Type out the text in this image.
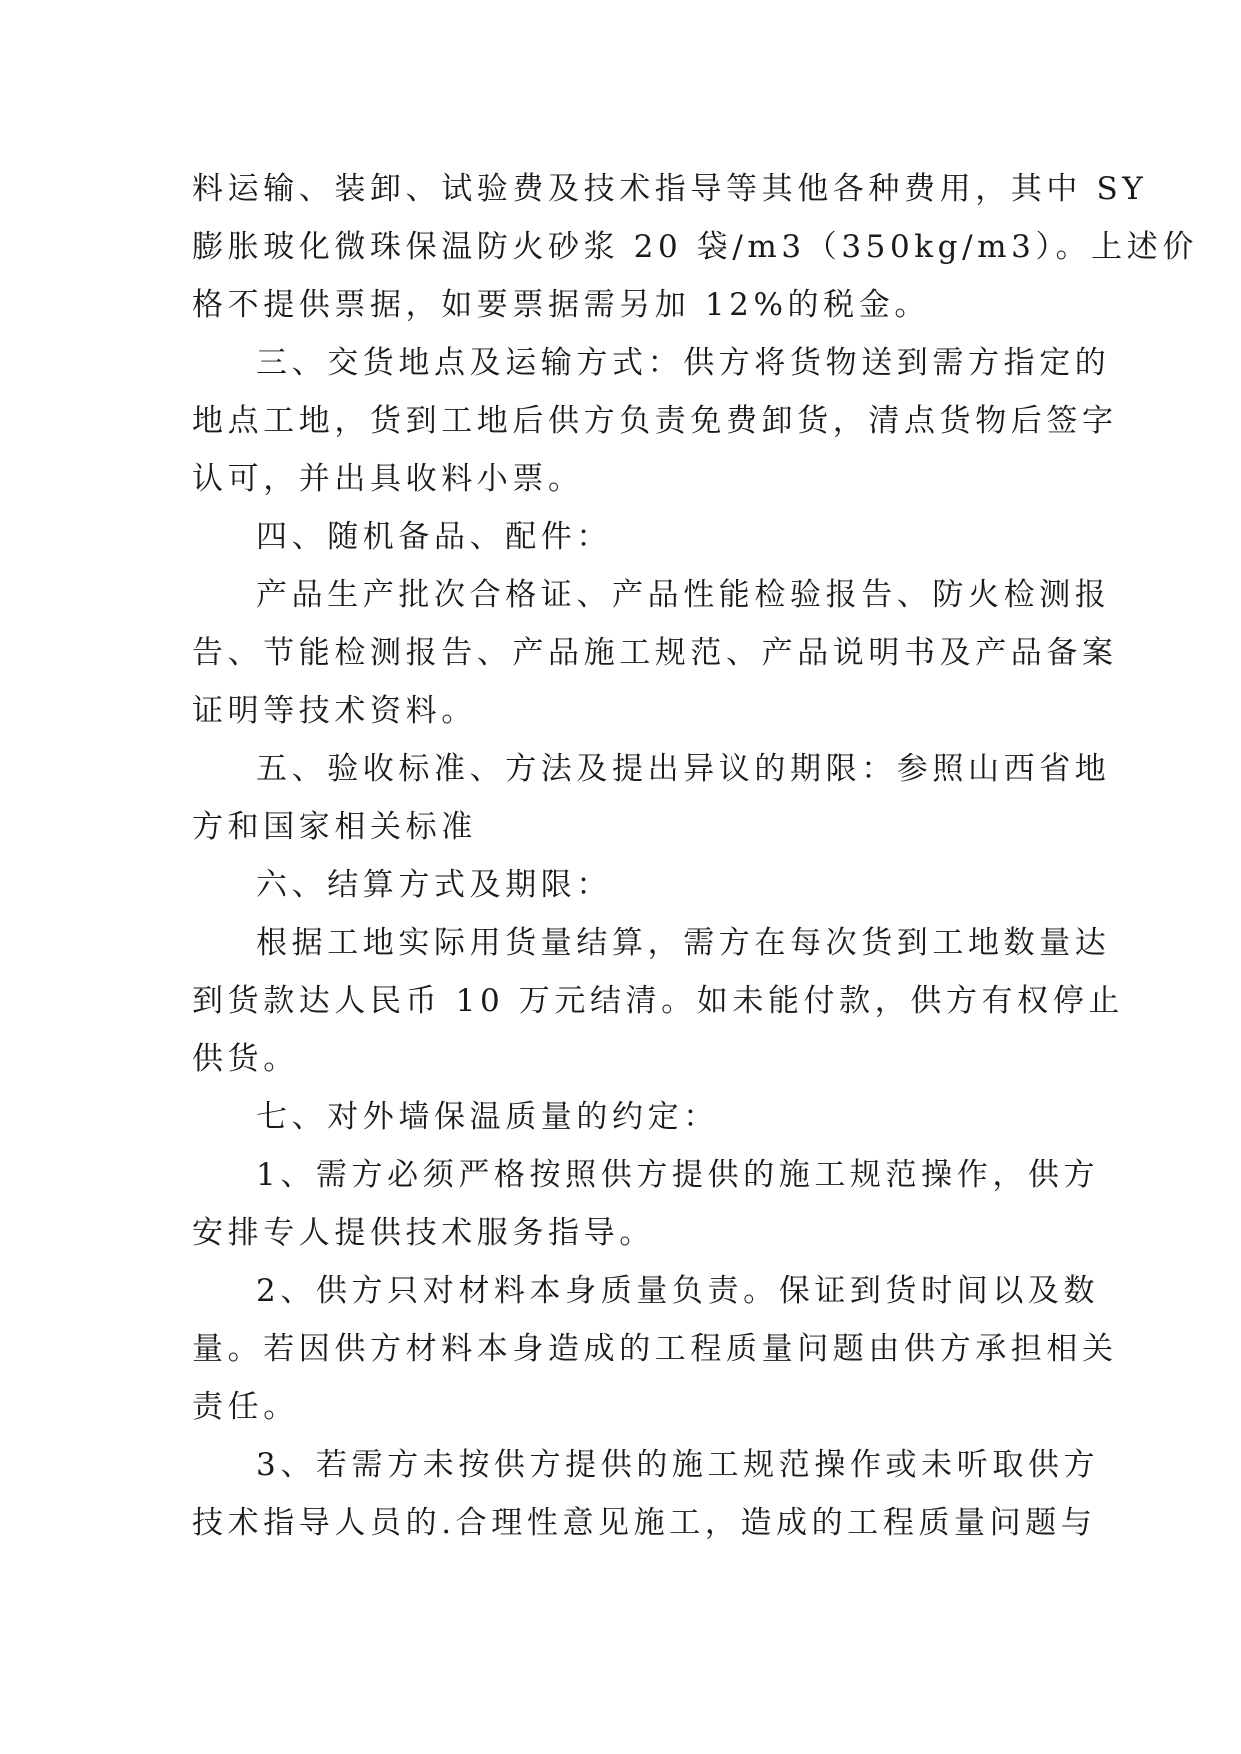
料运输、装卸、试验费及技术指导等其他各种费用，其中 SY
膨胀玻化微珠保温防火砂浆 20 袋/m3（350kg/m3）。上述价
格不提供票据，如要票据需另加 12%的税金。
三、交货地点及运输方式：供方将货物送到需方指定的
地点工地，货到工地后供方负责免费卸货，清点货物后签字
认可，并出具收料小票。
四、随机备品、配件：
产品生产批次合格证、产品性能检验报告、防火检测报
告、节能检测报告、产品施工规范、产品说明书及产品备案
证明等技术资料。
五、验收标准、方法及提出异议的期限：参照山西省地
方和国家相关标准
六、结算方式及期限：
根据工地实际用货量结算，需方在每次货到工地数量达
到货款达人民币 10 万元结清。如未能付款，供方有权停止
供货。
七、对外墙保温质量的约定：
1、需方必须严格按照供方提供的施工规范操作，供方
安排专人提供技术服务指导。
2、供方只对材料本身质量负责。保证到货时间以及数
量。若因供方材料本身造成的工程质量问题由供方承担相关
责任。
3、若需方未按供方提供的施工规范操作或未听取供方
技术指导人员的.合理性意见施工，造成的工程质量问题与
